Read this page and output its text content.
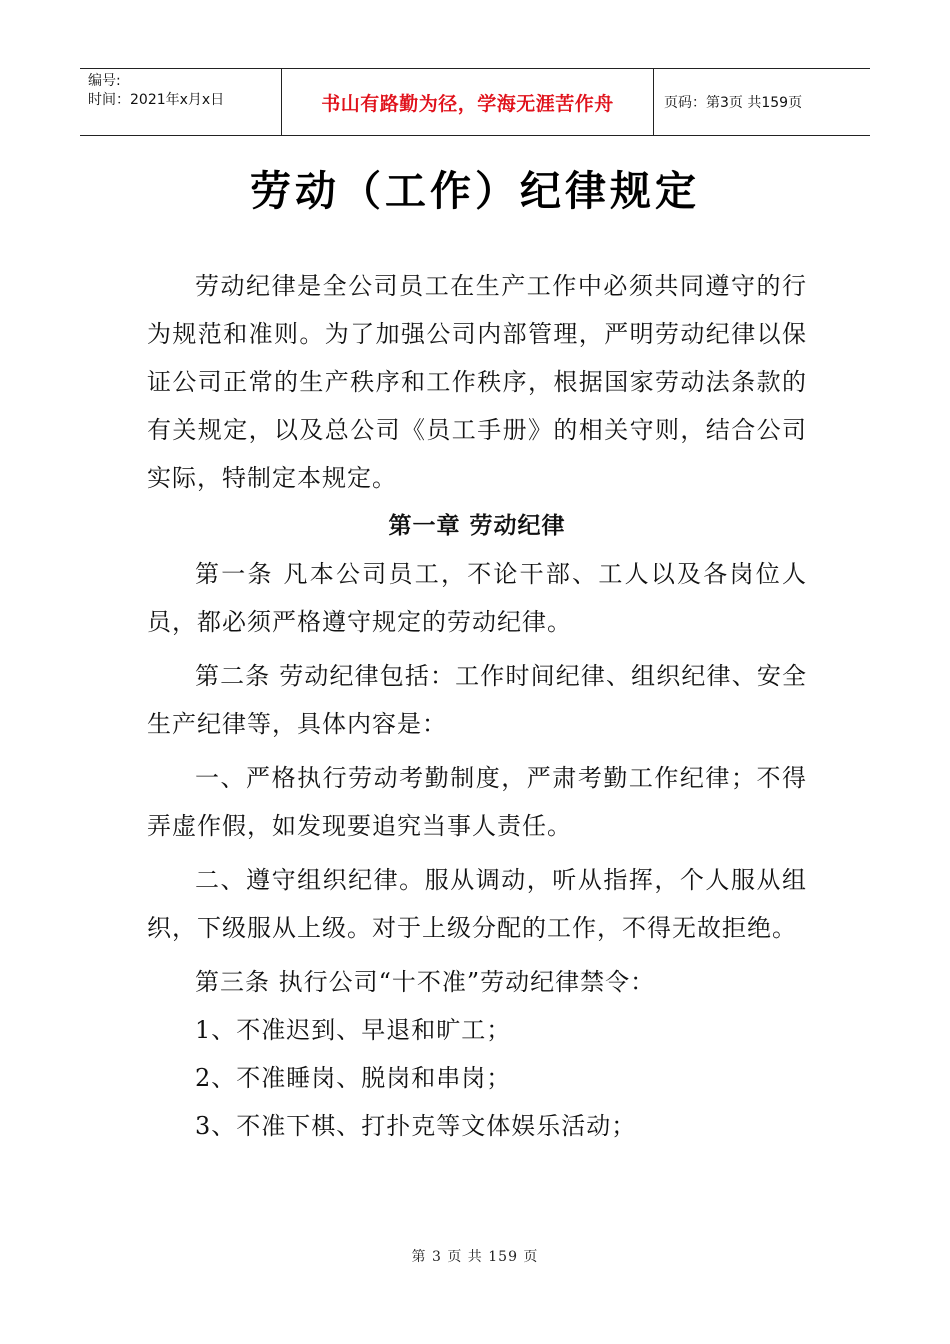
编号:
时间：2021年x月x日	书山有路勤为径，学海无涯苦作舟	页码：第3页 共159页
劳动（工作）纪律规定

劳动纪律是全公司员工在生产工作中必须共同遵守的行为规范和准则。为了加强公司内部管理，严明劳动纪律以保证公司正常的生产秩序和工作秩序，根据国家劳动法条款的有关规定，以及总公司《员工手册》的相关守则，结合公司实际，特制定本规定。

第一章 劳动纪律

第一条 凡本公司员工，不论干部、工人以及各岗位人员，都必须严格遵守规定的劳动纪律。

第二条 劳动纪律包括：工作时间纪律、组织纪律、安全生产纪律等，具体内容是：

一、严格执行劳动考勤制度，严肃考勤工作纪律；不得弄虚作假，如发现要追究当事人责任。

二、遵守组织纪律。服从调动，听从指挥，个人服从组织，下级服从上级。对于上级分配的工作，不得无故拒绝。

第三条 执行公司“十不准”劳动纪律禁令：

1、不准迟到、早退和旷工；

2、不准睡岗、脱岗和串岗；

3、不准下棋、打扑克等文体娱乐活动；

第 3 页 共 159 页
